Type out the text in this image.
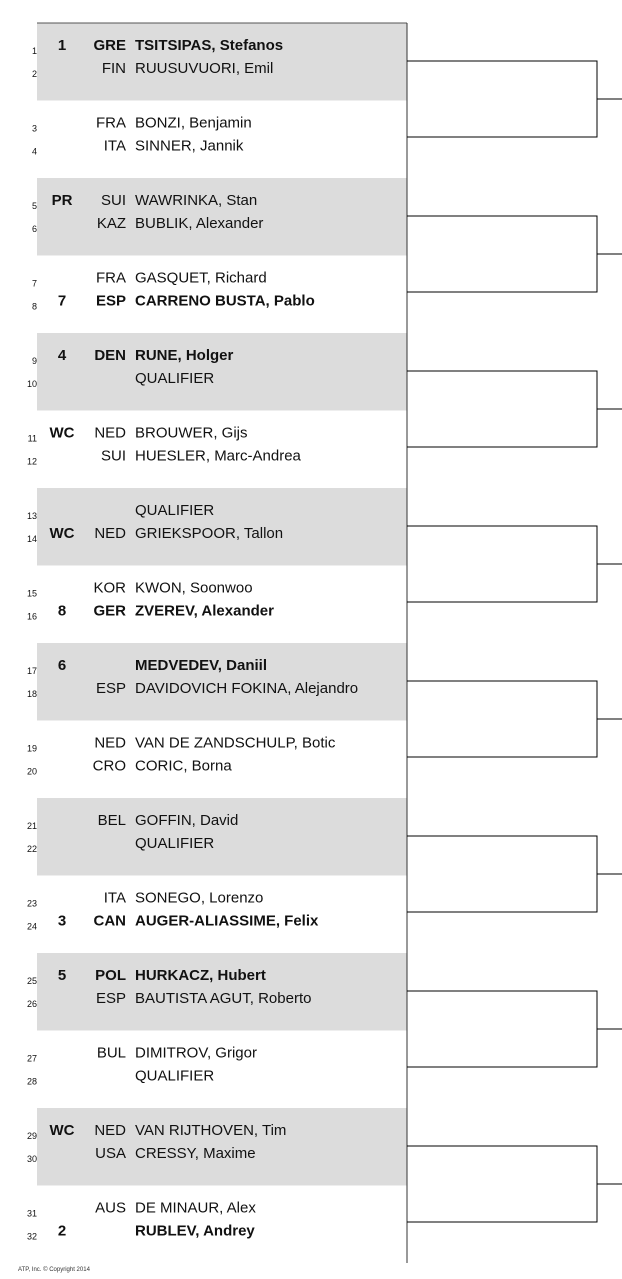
1 1 GRE TSITSIPAS, Stefanos
2	FIN RUUSUVUORI, Emil
3	FRA BONZI, Benjamin
4	ITA SINNER, Jannik
5 PR SUI WAWRINKA, Stan
6	KAZ BUBLIK, Alexander
7	FRA GASQUET, Richard
8 7 ESP CARRENO BUSTA, Pablo
9 4 DEN RUNE, Holger
10	QUALIFIER
11 WC NED BROUWER, Gijs
12	SUI HUESLER, Marc-Andrea
13	QUALIFIER
14 WC NED GRIEKSPOOR, Tallon
15	KOR KWON, Soonwoo
16 8 GER ZVEREV, Alexander
17 6	MEDVEDEV, Daniil
18	ESP DAVIDOVICH FOKINA, Alejandro
19	NED VAN DE ZANDSCHULP, Botic
20	CRO CORIC, Borna
21	BEL GOFFIN, David
22	QUALIFIER
23	ITA SONEGO, Lorenzo
24 3 CAN AUGER-ALIASSIME, Felix
25 5 POL HURKACZ, Hubert
26	ESP BAUTISTA AGUT, Roberto
27	BUL DIMITROV, Grigor
28	QUALIFIER
29 WC NED VAN RIJTHOVEN, Tim
30	USA CRESSY, Maxime
31	AUS DE MINAUR, Alex
32 2	RUBLEV, Andrey
ATP, Inc. © Copyright 2014
